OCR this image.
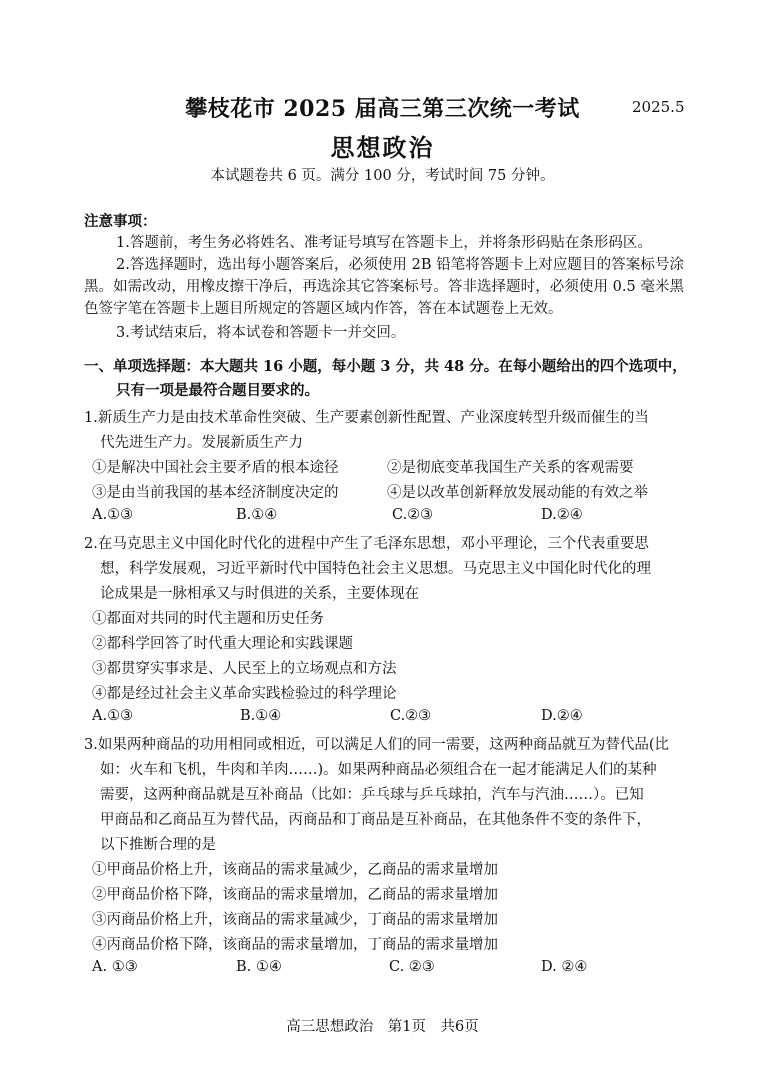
攀枝花市 2025 届高三第三次统一考试	2025.5
思想政治
本试题卷共 6 页。满分 100 分，考试时间 75 分钟。
注意事项：
1.答题前，考生务必将姓名、准考证号填写在答题卡上，并将条形码贴在条形码区。
2.答选择题时，选出每小题答案后，必须使用 2B 铅笔将答题卡上对应题目的答案标号涂黑。如需改动，用橡皮擦干净后，再选涂其它答案标号。答非选择题时，必须使用 0.5 毫米黑色签字笔在答题卡上题目所规定的答题区域内作答，答在本试题卷上无效。
3.考试结束后，将本试卷和答题卡一并交回。
一、单项选择题：本大题共 16 小题，每小题 3 分，共 48 分。在每小题给出的四个选项中，
只有一项是最符合题目要求的。
1.新质生产力是由技术革命性突破、生产要素创新性配置、产业深度转型升级而催生的当
代先进生产力。发展新质生产力
①是解决中国社会主要矛盾的根本途径	②是彻底变革我国生产关系的客观需要
③是由当前我国的基本经济制度决定的	④是以改革创新释放发展动能的有效之举
A.①③	B.①④	C.②③	D.②④
2.在马克思主义中国化时代化的进程中产生了毛泽东思想，邓小平理论，三个代表重要思
想，科学发展观，习近平新时代中国特色社会主义思想。马克思主义中国化时代化的理
论成果是一脉相承又与时俱进的关系，主要体现在
①都面对共同的时代主题和历史任务
②都科学回答了时代重大理论和实践课题
③都贯穿实事求是、人民至上的立场观点和方法
④都是经过社会主义革命实践检验过的科学理论
A.①③	B.①④	C.②③	D.②④
3.如果两种商品的功用相同或相近，可以满足人们的同一需要，这两种商品就互为替代品(比
如：火车和飞机，牛肉和羊肉……)。如果两种商品必须组合在一起才能满足人们的某种
需要，这两种商品就是互补商品（比如：乒乓球与乒乓球拍，汽车与汽油……）。已知
甲商品和乙商品互为替代品，丙商品和丁商品是互补商品，在其他条件不变的条件下，
以下推断合理的是
①甲商品价格上升，该商品的需求量减少，乙商品的需求量增加
②甲商品价格下降，该商品的需求量增加，乙商品的需求量增加
③丙商品价格上升，该商品的需求量减少，丁商品的需求量增加
④丙商品价格下降，该商品的需求量增加，丁商品的需求量增加
A. ①③	B. ①④	C. ②③	D. ②④
高三思想政治　第1页　共6页
